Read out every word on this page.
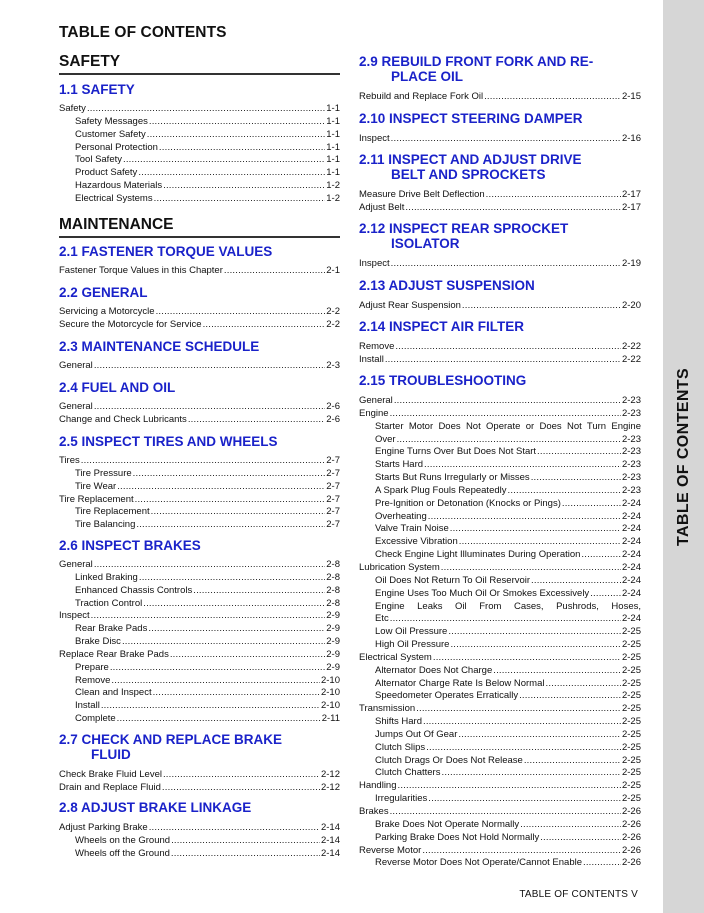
TABLE OF CONTENTS
SAFETY
1.1 SAFETY
Safety .....	1-1
Safety Messages .....	1-1
Customer Safety .....	1-1
Personal Protection .....	1-1
Tool Safety .....	1-1
Product Safety .....	1-1
Hazardous Materials .....	1-2
Electrical Systems .....	1-2
MAINTENANCE
2.1 FASTENER TORQUE VALUES
Fastener Torque Values in this Chapter .....	2-1
2.2 GENERAL
Servicing a Motorcycle .....	2-2
Secure the Motorcycle for Service .....	2-2
2.3 MAINTENANCE SCHEDULE
General .....	2-3
2.4 FUEL AND OIL
General .....	2-6
Change and Check Lubricants .....	2-6
2.5 INSPECT TIRES AND WHEELS
Tires .....	2-7
Tire Pressure .....	2-7
Tire Wear .....	2-7
Tire Replacement .....	2-7
Tire Replacement .....	2-7
Tire Balancing .....	2-7
2.6 INSPECT BRAKES
General .....	2-8
Linked Braking .....	2-8
Enhanced Chassis Controls .....	2-8
Traction Control .....	2-8
Inspect .....	2-9
Rear Brake Pads .....	2-9
Brake Disc .....	2-9
Replace Rear Brake Pads .....	2-9
Prepare .....	2-9
Remove .....	2-10
Clean and Inspect .....	2-10
Install .....	2-10
Complete .....	2-11
2.7 CHECK AND REPLACE BRAKE
FLUID
Check Brake Fluid Level .....	2-12
Drain and Replace Fluid .....	2-12
2.8 ADJUST BRAKE LINKAGE
Adjust Parking Brake .....	2-14
Wheels on the Ground .....	2-14
Wheels off the Ground .....	2-14
2.9 REBUILD FRONT FORK AND RE-
PLACE OIL
Rebuild and Replace Fork Oil .....	2-15
2.10 INSPECT STEERING DAMPER
Inspect .....	2-16
2.11 INSPECT AND ADJUST DRIVE
BELT AND SPROCKETS
Measure Drive Belt Deflection .....	2-17
Adjust Belt .....	2-17
2.12 INSPECT REAR SPROCKET
ISOLATOR
Inspect .....	2-19
2.13 ADJUST SUSPENSION
Adjust Rear Suspension .....	2-20
2.14 INSPECT AIR FILTER
Remove .....	2-22
Install .....	2-22
2.15 TROUBLESHOOTING
General .....	2-23
Engine .....	2-23
Starter Motor Does Not Operate or Does Not Turn Engine
Over .....	2-23
Engine Turns Over But Does Not Start .....	2-23
Starts Hard .....	2-23
Starts But Runs Irregularly or Misses .....	2-23
A Spark Plug Fouls Repeatedly .....	2-23
Pre-Ignition or Detonation (Knocks or Pings) .....	2-24
Overheating .....	2-24
Valve Train Noise .....	2-24
Excessive Vibration .....	2-24
Check Engine Light Illuminates During Operation .....	2-24
Lubrication System .....	2-24
Oil Does Not Return To Oil Reservoir .....	2-24
Engine Uses Too Much Oil Or Smokes Excessively .....	2-24
Engine Leaks Oil From Cases, Pushrods, Hoses,
Etc .....	2-24
Low Oil Pressure .....	2-25
High Oil Pressure .....	2-25
Electrical System .....	2-25
Alternator Does Not Charge .....	2-25
Alternator Charge Rate Is Below Normal .....	2-25
Speedometer Operates Erratically .....	2-25
Transmission .....	2-25
Shifts Hard .....	2-25
Jumps Out Of Gear .....	2-25
Clutch Slips .....	2-25
Clutch Drags Or Does Not Release .....	2-25
Clutch Chatters .....	2-25
Handling .....	2-25
Irregularities .....	2-25
Brakes .....	2-26
Brake Does Not Operate Normally .....	2-26
Parking Brake Does Not Hold Normally .....	2-26
Reverse Motor .....	2-26
Reverse Motor Does Not Operate/Cannot Enable .....	2-26
TABLE OF CONTENTS
TABLE OF CONTENTS V
